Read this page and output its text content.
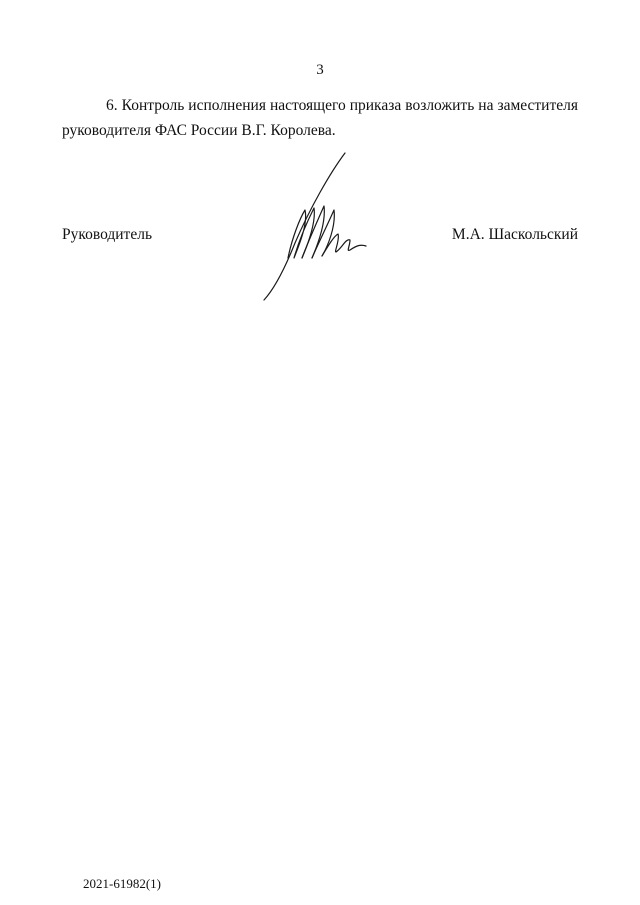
3

6. Контроль исполнения настоящего приказа возложить на заместителя руководителя ФАС России В.Г. Королева.

Руководитель	М.А. Шаскольский
2021-61982(1)
